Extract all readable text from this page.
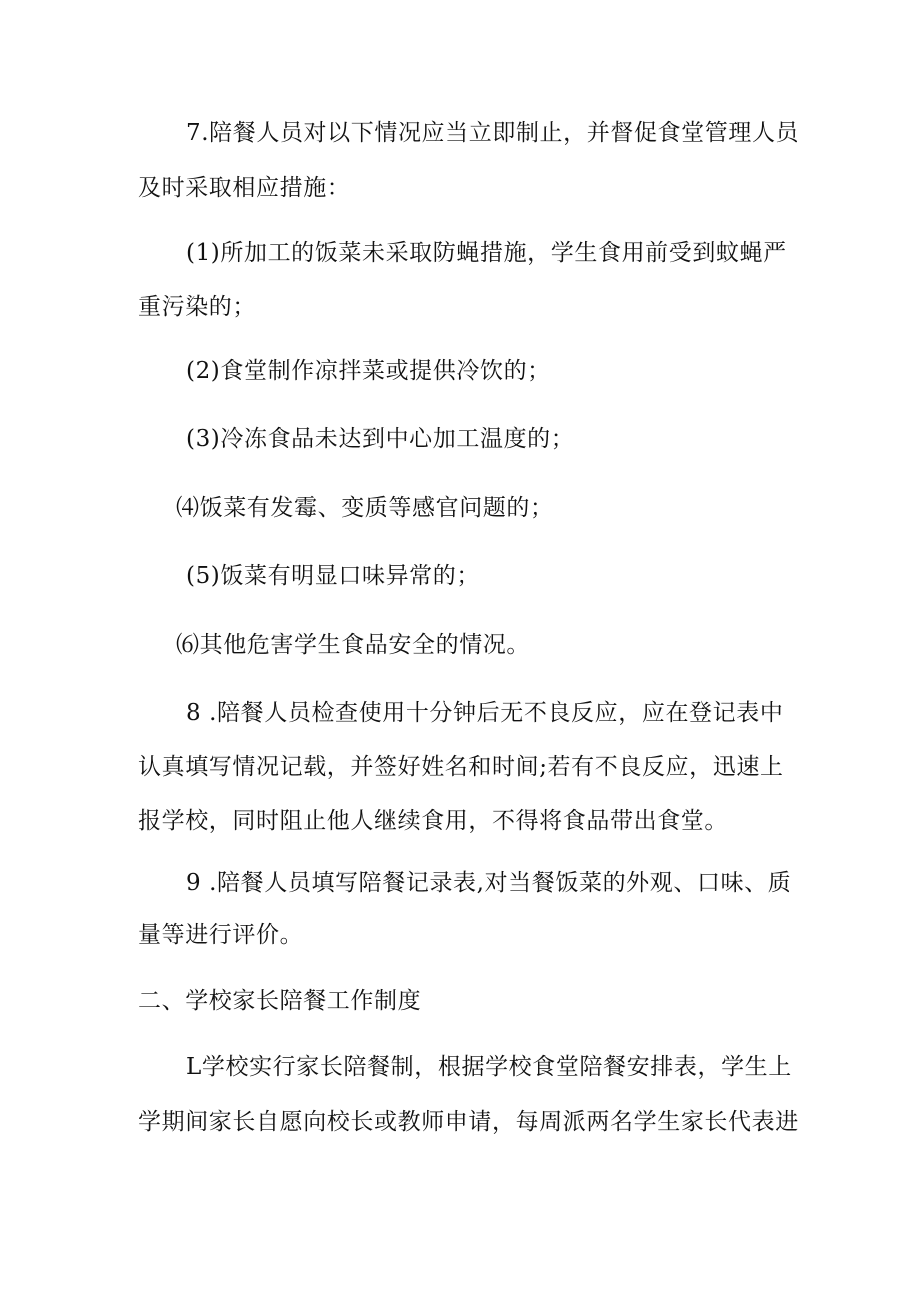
7.陪餐人员对以下情况应当立即制止，并督促食堂管理人员
及时采取相应措施：
(1)所加工的饭菜未采取防蝇措施，学生食用前受到蚊蝇严
重污染的；
(2)食堂制作凉拌菜或提供冷饮的；
(3)冷冻食品未达到中心加工温度的；
⑷饭菜有发霉、变质等感官问题的；
(5)饭菜有明显口味异常的；
⑹其他危害学生食品安全的情况。
8 .陪餐人员检查使用十分钟后无不良反应，应在登记表中
认真填写情况记载，并签好姓名和时间;若有不良反应，迅速上
报学校，同时阻止他人继续食用，不得将食品带出食堂。
9 .陪餐人员填写陪餐记录表,对当餐饭菜的外观、口味、质
量等进行评价。
二、学校家长陪餐工作制度
L学校实行家长陪餐制，根据学校食堂陪餐安排表，学生上
学期间家长自愿向校长或教师申请，每周派两名学生家长代表进
